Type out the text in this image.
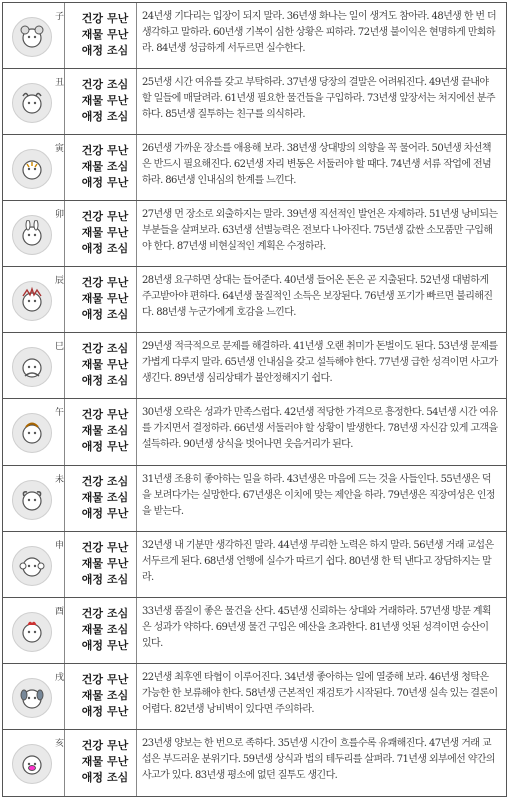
子	건강 무난
재물 무난
애정 조심
24년생 기다리는 입장이 되지 말라. 36년생 화나는 일이 생겨도 참아라. 48년생 한 번 더 생각하고 말하라. 60년생 기복이 심한 상황은 피하라. 72년생 불이익은 현명하게 만회하라. 84년생 성급하게 서두르면 실수한다.
丑	건강 조심
재물 무난
애정 조심
25년생 시간 여유를 갖고 부탁하라. 37년생 당장의 결말은 어려워진다. 49년생 끝내야 할 일들에 매달려라. 61년생 필요한 물건들을 구입하라. 73년생 앞장서는 처지에선 분주하다. 85년생 질투하는 친구를 의식하라.
寅	건강 무난
재물 조심
애정 무난
26년생 가까운 장소를 애용해 보라. 38년생 상대방의 의향을 꼭 물어라. 50년생 차선책은 반드시 필요해진다. 62년생 자리 변동은 서둘러야 할 때다. 74년생 서류 작업에 전념하라. 86년생 인내심의 한계를 느낀다.
卯	건강 무난
재물 무난
애정 조심
27년생 먼 장소로 외출하지는 말라. 39년생 직선적인 발언은 자제하라. 51년생 낭비되는 부분들을 살펴보라. 63년생 선별능력은 전보다 나아진다. 75년생 값싼 소모품만 구입해야 한다. 87년생 비현실적인 계획은 수정하라.
辰	건강 무난
재물 무난
애정 조심
28년생 요구하면 상대는 들어준다. 40년생 들어온 돈은 곧 지출된다. 52년생 대범하게 주고받아야 편하다. 64년생 물질적인 소득은 보장된다. 76년생 포기가 빠르면 불리해진다. 88년생 누군가에게 호감을 느낀다.
巳	건강 조심
재물 무난
애정 조심
29년생 적극적으로 문제를 해결하라. 41년생 오랜 취미가 돈벌이도 된다. 53년생 문제를 가볍게 다루지 말라. 65년생 인내심을 갖고 설득해야 한다. 77년생 급한 성격이면 사고가 생긴다. 89년생 심리상태가 불안정해지기 쉽다.
午	건강 무난
재물 조심
애정 무난
30년생 오락은 성과가 만족스럽다. 42년생 적당한 가격으로 흥정한다. 54년생 시간 여유를 가지면서 결정하라. 66년생 서둘러야 할 상황이 발생한다. 78년생 자신감 있게 고객을 설득하라. 90년생 상식을 벗어나면 웃음거리가 된다.
未	건강 조심
재물 조심
애정 무난
31년생 조용히 좋아하는 일을 하라. 43년생은 마음에 드는 것을 사들인다. 55년생은 덕을 보려다가는 실망한다. 67년생은 이치에 맞는 제안을 하라. 79년생은 직장여성은 인정을 받는다.
申	건강 무난
재물 무난
애정 조심
32년생 내 기분만 생각하진 말라. 44년생 무리한 노력은 하지 말라. 56년생 거래 교섭은 서두르게 된다. 68년생 언행에 실수가 따르기 쉽다. 80년생 한 턱 낸다고 장담하지는 말라.
酉	건강 조심
재물 조심
애정 무난
33년생 품질이 좋은 물건을 산다. 45년생 신뢰하는 상대와 거래하라. 57년생 방문 계획은 성과가 약하다. 69년생 물건 구입은 예산을 초과한다. 81년생 엇된 성격이면 승산이 있다.
戌	건강 무난
재물 조심
애정 무난
22년생 최후엔 타협이 이루어진다. 34년생 좋아하는 일에 열중해 보라. 46년생 청탁은 가능한 한 보류해야 한다. 58년생 근본적인 재검토가 시작된다. 70년생 실속 있는 결론이 어렵다. 82년생 낭비벽이 있다면 주의하라.
亥	건강 무난
재물 무난
애정 조심
23년생 양보는 한 번으로 족하다. 35년생 시간이 흐를수록 유쾌해진다. 47년생 거래 교섭은 부드러운 분위기다. 59년생 상식과 법의 테두리를 살펴라. 71년생 외부에선 약간의 사고가 있다. 83년생 평소에 없던 질투도 생긴다.
